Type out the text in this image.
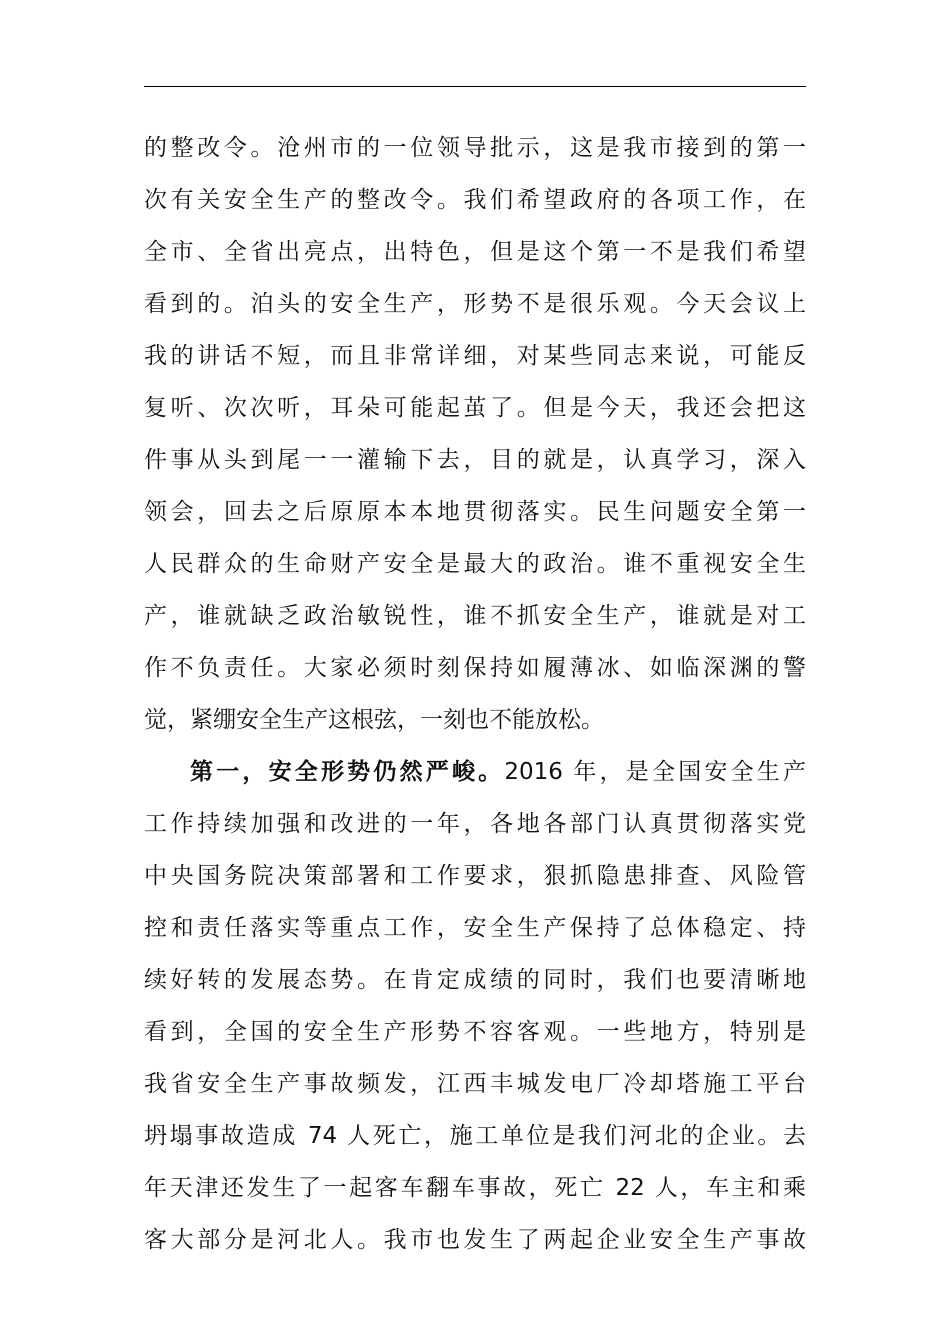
的整改令。沧州市的一位领导批示，这是我市接到的第一
次有关安全生产的整改令。我们希望政府的各项工作，在
全市、全省出亮点，出特色，但是这个第一不是我们希望
看到的。泊头的安全生产，形势不是很乐观。今天会议上
我的讲话不短，而且非常详细，对某些同志来说，可能反
复听、次次听，耳朵可能起茧了。但是今天，我还会把这
件事从头到尾一一灌输下去，目的就是，认真学习，深入
领会，回去之后原原本本地贯彻落实。民生问题安全第一
人民群众的生命财产安全是最大的政治。谁不重视安全生
产，谁就缺乏政治敏锐性，谁不抓安全生产，谁就是对工
作不负责任。大家必须时刻保持如履薄冰、如临深渊的警
觉，紧绷安全生产这根弦，一刻也不能放松。
第一，安全形势仍然严峻。2016 年，是全国安全生产
工作持续加强和改进的一年，各地各部门认真贯彻落实党
中央国务院决策部署和工作要求，狠抓隐患排查、风险管
控和责任落实等重点工作，安全生产保持了总体稳定、持
续好转的发展态势。在肯定成绩的同时，我们也要清晰地
看到，全国的安全生产形势不容客观。一些地方，特别是
我省安全生产事故频发，江西丰城发电厂冷却塔施工平台
坍塌事故造成 74 人死亡，施工单位是我们河北的企业。去
年天津还发生了一起客车翻车事故，死亡 22 人，车主和乘
客大部分是河北人。我市也发生了两起企业安全生产事故
